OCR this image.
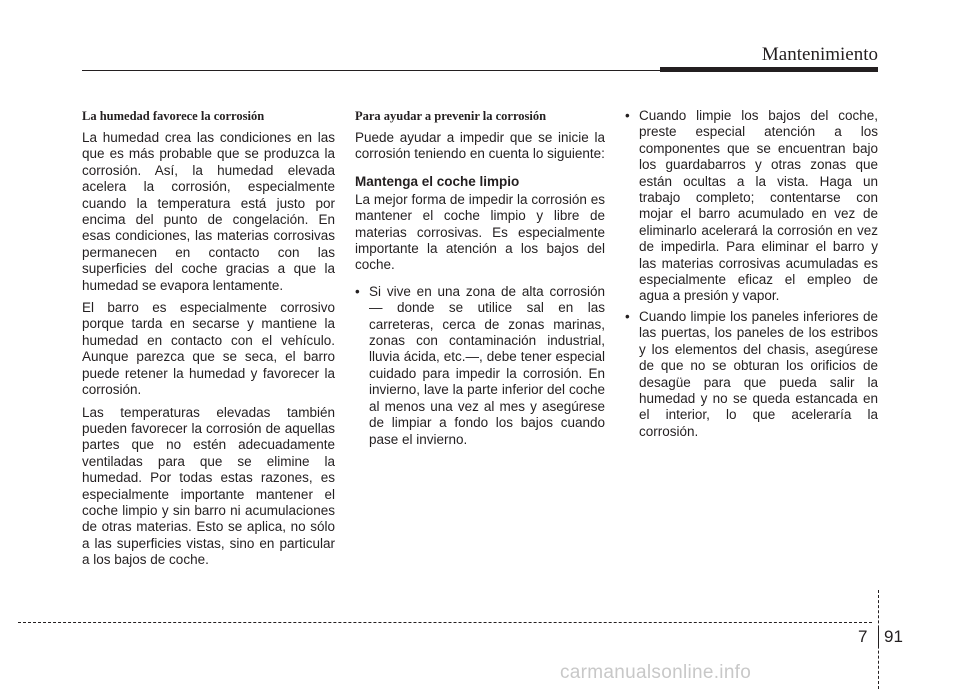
Mantenimiento
La humedad favorece la corrosión

La humedad crea las condiciones en las que es más probable que se produzca la corrosión. Así, la humedad elevada acelera la corrosión, especialmente cuando la temperatura está justo por encima del punto de congelación. En esas condiciones, las materias corrosivas permanecen en contacto con las superficies del coche gracias a que la humedad se evapora lentamente.

El barro es especialmente corrosivo porque tarda en secarse y mantiene la humedad en contacto con el vehículo. Aunque parezca que se seca, el barro puede retener la humedad y favorecer la corrosión.

Las temperaturas elevadas también pueden favorecer la corrosión de aquellas partes que no estén adecuadamente ventiladas para que se elimine la humedad. Por todas estas razones, es especialmente importante mantener el coche limpio y sin barro ni acumulaciones de otras materias. Esto se aplica, no sólo a las superficies vistas, sino en particular a los bajos de coche.

Para ayudar a prevenir la corrosión

Puede ayudar a impedir que se inicie la corrosión teniendo en cuenta lo siguiente:

Mantenga el coche limpio

La mejor forma de impedir la corrosión es mantener el coche limpio y libre de materias corrosivas. Es especialmente importante la atención a los bajos del coche.

• Si vive en una zona de alta corrosión — donde se utilice sal en las carreteras, cerca de zonas marinas, zonas con contaminación industrial, lluvia ácida, etc.—, debe tener especial cuidado para impedir la corrosión. En invierno, lave la parte inferior del coche al menos una vez al mes y asegúrese de limpiar a fondo los bajos cuando pase el invierno.
• Cuando limpie los bajos del coche, preste especial atención a los componentes que se encuentran bajo los guardabarros y otras zonas que están ocultas a la vista. Haga un trabajo completo; contentarse con mojar el barro acumulado en vez de eliminarlo acelerará la corrosión en vez de impedirla. Para eliminar el barro y las materias corrosivas acumuladas es especialmente eficaz el empleo de agua a presión y vapor.
• Cuando limpie los paneles inferiores de las puertas, los paneles de los estribos y los elementos del chasis, asegúrese de que no se obturan los orificios de desagüe para que pueda salir la humedad y no se queda estancada en el interior, lo que aceleraría la corrosión.
7 91
carmanualsonline.info
